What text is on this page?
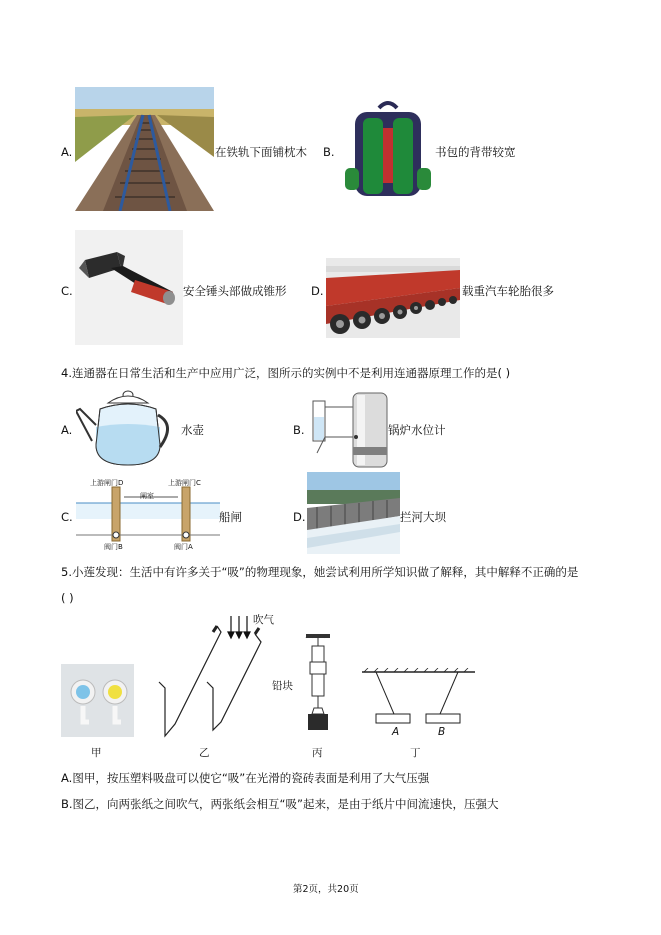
A.	在铁轨下面铺枕木 B.	书包的背带较宽
C.	安全锤头部做成锥形 D.	载重汽车轮胎很多
4.连通器在日常生活和生产中应用广泛，图所示的实例中不是利用连通器原理工作的是( )
A.	水壶	B.	锅炉水位计
C.
上游闸门D
闸室
上游闸门C
阀门B	阀门A
船闸	D.	拦河大坝
5.小莲发现：生活中有许多关于“吸”的物理现象，她尝试利用所学知识做了解释，其中解释不正确的是
( )
甲
吹气
乙
铅块
丙
A	B
丁
A.图甲，按压塑料吸盘可以使它“吸”在光滑的瓷砖表面是利用了大气压强
B.图乙，向两张纸之间吹气，两张纸会相互“吸”起来，是由于纸片中间流速快，压强大
第2页，共20页
